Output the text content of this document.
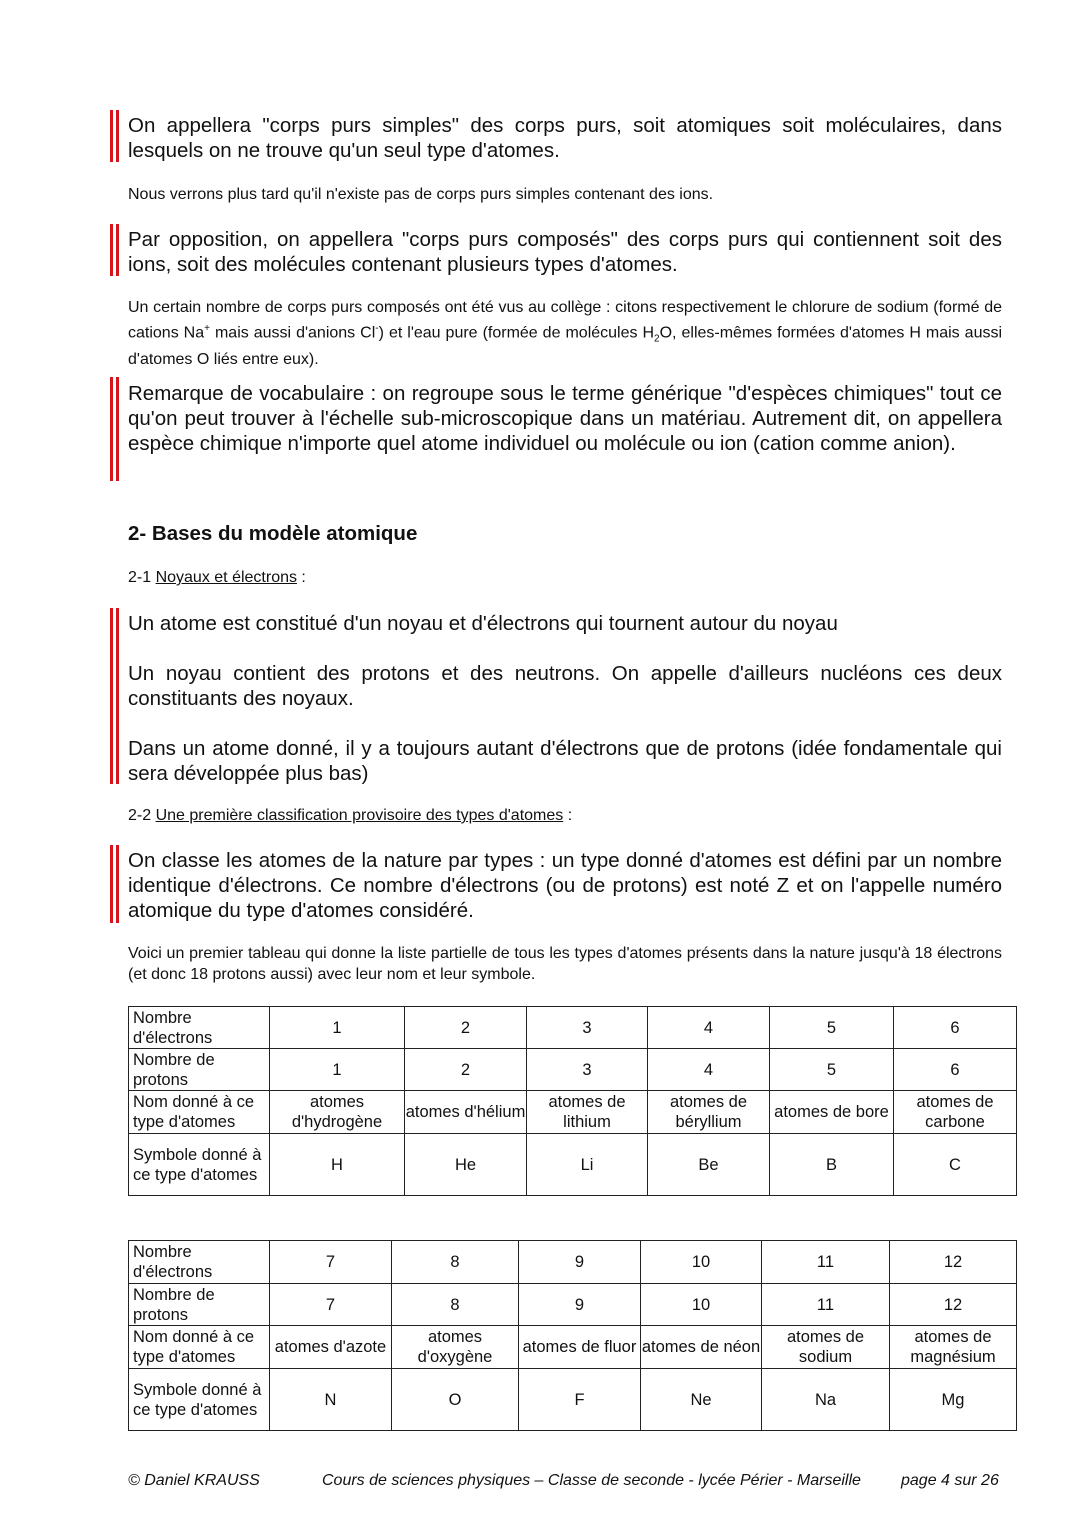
On appellera "corps purs simples" des corps purs, soit atomiques soit moléculaires, dans lesquels on ne trouve qu'un seul type d'atomes.

Nous verrons plus tard qu'il n'existe pas de corps purs simples contenant des ions.

Par opposition, on appellera "corps purs composés" des corps purs qui contiennent soit des ions, soit des molécules contenant plusieurs types d'atomes.

Un certain nombre de corps purs composés ont été vus au collège : citons respectivement le chlorure de sodium (formé de cations Na+ mais aussi d'anions Cl-) et l'eau pure (formée de molécules $H_2O$, elles-mêmes formées d'atomes H mais aussi d'atomes O liés entre eux).

Remarque de vocabulaire : on regroupe sous le terme générique "d'espèces chimiques" tout ce qu'on peut trouver à l'échelle sub-microscopique dans un matériau. Autrement dit, on appellera espèce chimique n'importe quel atome individuel ou molécule ou ion (cation comme anion).

2- Bases du modèle atomique

2-1 Noyaux et électrons :

Un atome est constitué d'un noyau et d'électrons qui tournent autour du noyau

Un noyau contient des protons et des neutrons. On appelle d'ailleurs nucléons ces deux constituants des noyaux.

Dans un atome donné, il y a toujours autant d'électrons que de protons (idée fondamentale qui sera développée plus bas)

2-2 Une première classification provisoire des types d'atomes :

On classe les atomes de la nature par types : un type donné d'atomes est défini par un nombre identique d'électrons. Ce nombre d'électrons (ou de protons) est noté Z et on l'appelle numéro atomique du type d'atomes considéré.

Voici un premier tableau qui donne la liste partielle de tous les types d'atomes présents dans la nature jusqu'à 18 électrons (et donc 18 protons aussi) avec leur nom et leur symbole.

Nombre d'électrons	1	2	3	4	5	6
Nombre de protons	1	2	3	4	5	6
Nom donné à ce type d'atomes	atomes d'hydrogène	atomes d'hélium	atomes de lithium	atomes de béryllium	atomes de bore	atomes de carbone
Symbole donné à ce type d'atomes	H	He	Li	Be	B	C
Nombre d'électrons	7	8	9	10	11	12
Nombre de protons	7	8	9	10	11	12
Nom donné à ce type d'atomes	atomes d'azote	atomes d'oxygène	atomes de fluor	atomes de néon	atomes de sodium	atomes de magnésium
Symbole donné à ce type d'atomes	N	O	F	Ne	Na	Mg
© Daniel KRAUSS	Cours de sciences physiques – Classe de seconde - lycée Périer - Marseille	page 4 sur 26
